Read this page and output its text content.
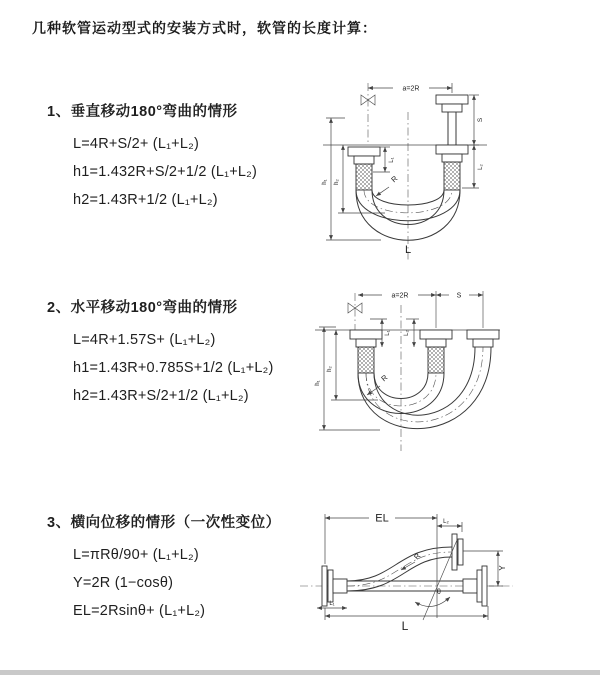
几种软管运动型式的安装方式时，软管的长度计算：
1、垂直移动180°弯曲的情形
L=4R+S/2+ (L₁+L₂)
h1=1.432R+S/2+1/2 (L₁+L₂)
h2=1.43R+1/2 (L₁+L₂)
a=2R
L₁
S
L₂
h₁ h₂	R
L
2、水平移动180°弯曲的情形
L=4R+1.57S+ (L₁+L₂)
h1=1.43R+0.785S+1/2 (L₁+L₂)
h2=1.43R+S/2+1/2 (L₁+L₂)
a=2R	S
L₁ L₂
h₁
h₂
R
3、横向位移的情形（一次性变位）
L=πRθ/90+ (L₁+L₂)
Y=2R (1−cosθ)
EL=2Rsinθ+ (L₁+L₂)
EL	L₂
Y
L
L₁
θ
R
